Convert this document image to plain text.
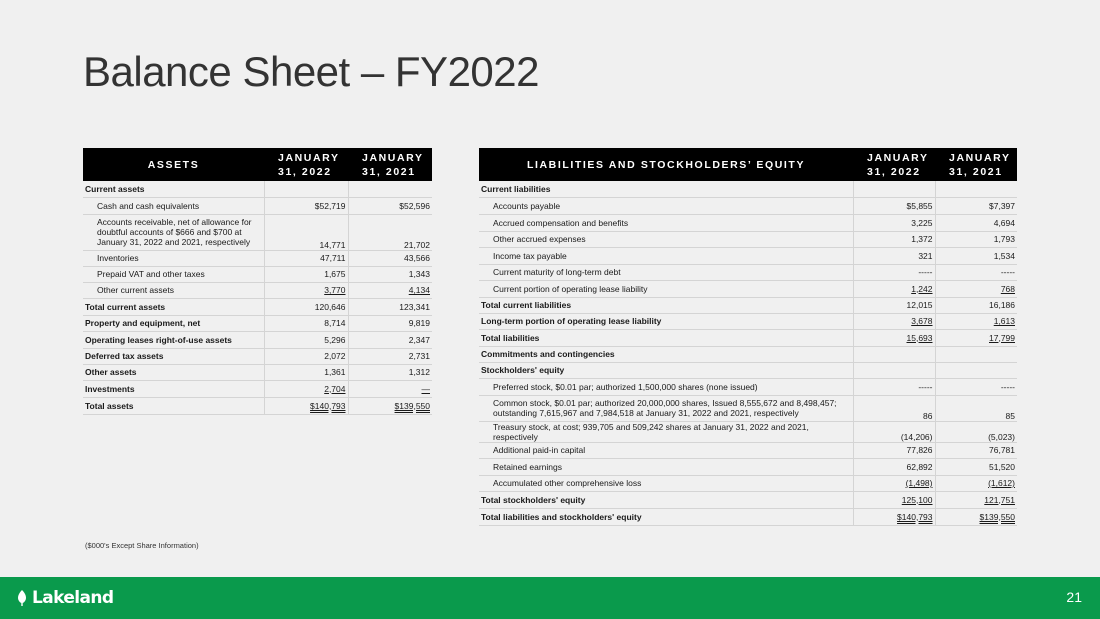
Balance Sheet – FY2022
ASSETS	JANUARY 31, 2022	JANUARY 31, 2021
Current assets		
Cash and cash equivalents	$52,719	$52,596
Accounts receivable, net of allowance for doubtful accounts of $666 and $700 at January 31, 2022 and 2021, respectively	14,771	21,702
Inventories	47,711	43,566
Prepaid VAT and other taxes	1,675	1,343
Other current assets	3,770	4,134
Total current assets	120,646	123,341
Property and equipment, net	8,714	9,819
Operating leases right-of-use assets	5,296	2,347
Deferred tax assets	2,072	2,731
Other assets	1,361	1,312
Investments	2,704	—
Total assets	$140,793	$139,550
LIABILITIES AND STOCKHOLDERS’ EQUITY	JANUARY 31, 2022	JANUARY 31, 2021
Current liabilities		
Accounts payable	$5,855	$7,397
Accrued compensation and benefits	3,225	4,694
Other accrued expenses	1,372	1,793
Income tax payable	321	1,534
Current maturity of long-term debt	-----	-----
Current portion of operating lease liability	1,242	768
Total current liabilities	12,015	16,186
Long-term portion of operating lease liability	3,678	1,613
Total liabilities	15,693	17,799
Commitments and contingencies		
Stockholders' equity		
Preferred stock, $0.01 par; authorized 1,500,000 shares (none issued)	-----	-----
Common stock, $0.01 par; authorized 20,000,000 shares, Issued 8,555,672 and 8,498,457; outstanding 7,615,967 and 7,984,518 at January 31, 2022 and 2021, respectively	86	85
Treasury stock, at cost; 939,705 and 509,242 shares at January 31, 2022 and 2021, respectively	(14,206)	(5,023)
Additional paid-in capital	77,826	76,781
Retained earnings	62,892	51,520
Accumulated other comprehensive loss	(1,498)	(1,612)
Total stockholders' equity	125,100	121,751
Total liabilities and stockholders' equity	$140,793	$139,550
($000's Except Share Information)
Lakeland	21
